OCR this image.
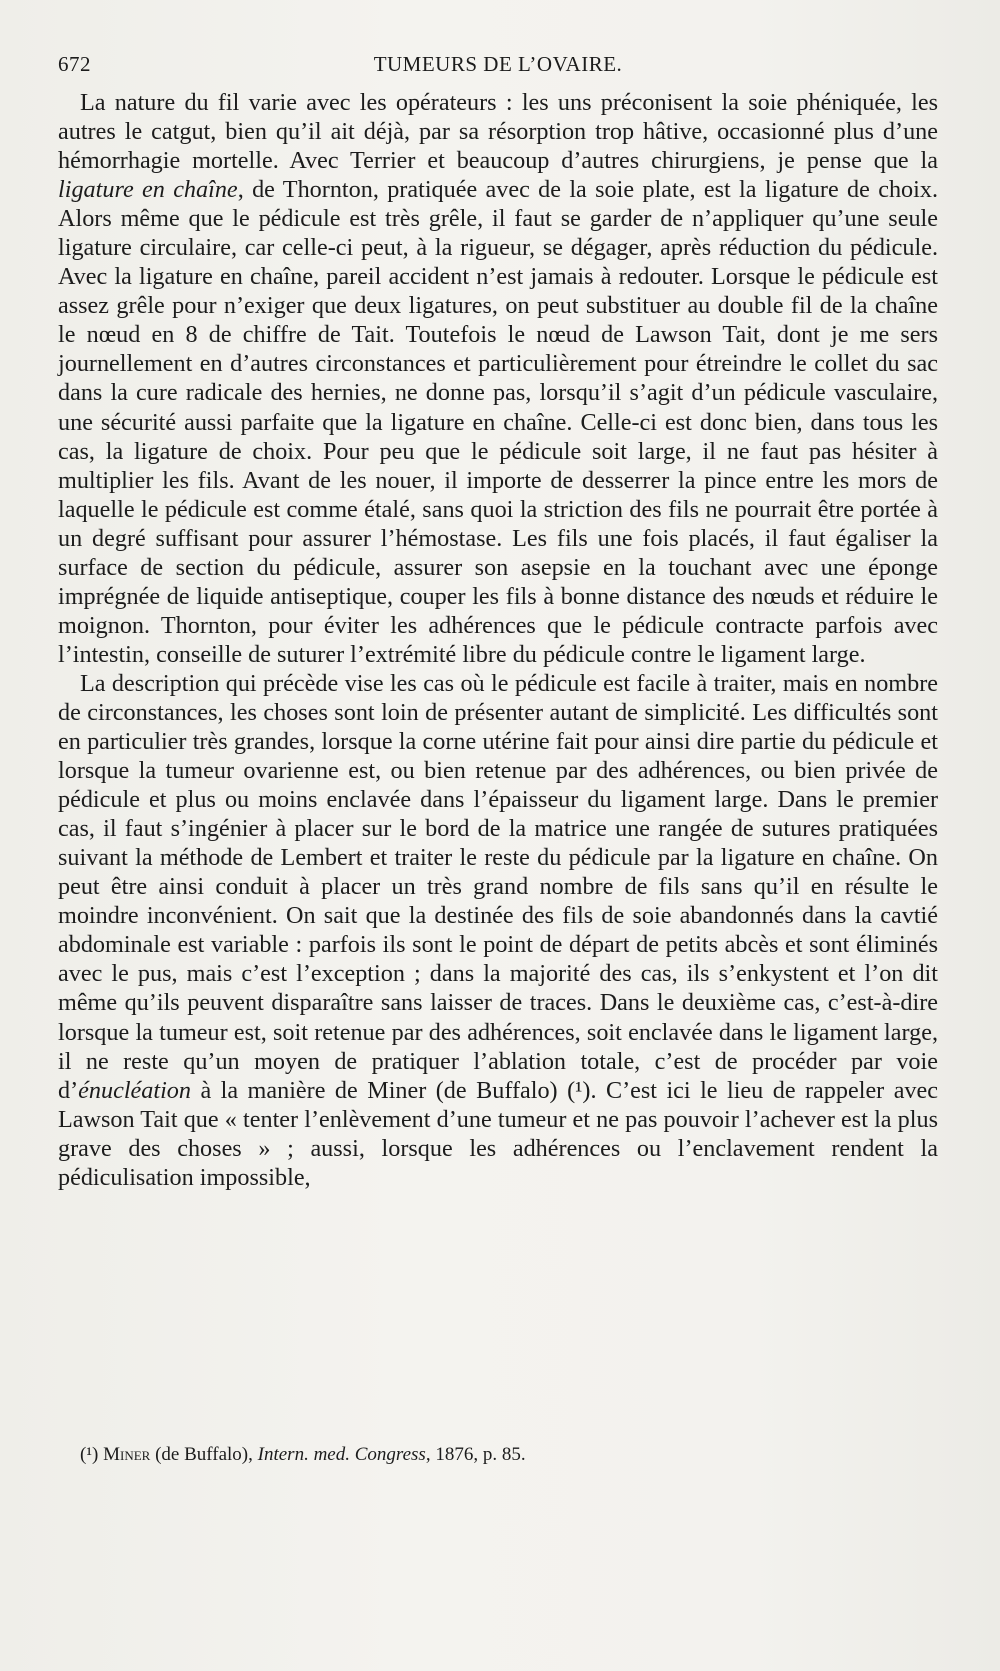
672	TUMEURS DE L’OVAIRE.

La nature du fil varie avec les opérateurs : les uns préconisent la soie phéniquée, les autres le catgut, bien qu’il ait déjà, par sa résorption trop hâtive, occasionné plus d’une hémorrhagie mortelle. Avec Terrier et beaucoup d’autres chirurgiens, je pense que la ligature en chaîne, de Thornton, pratiquée avec de la soie plate, est la ligature de choix. Alors même que le pédicule est très grêle, il faut se garder de n’appliquer qu’une seule ligature circulaire, car celle-ci peut, à la rigueur, se dégager, après réduction du pédicule. Avec la ligature en chaîne, pareil accident n’est jamais à redouter. Lorsque le pédicule est assez grêle pour n’exiger que deux ligatures, on peut substituer au double fil de la chaîne le nœud en 8 de chiffre de Tait. Toutefois le nœud de Lawson Tait, dont je me sers journellement en d’autres circonstances et particulièrement pour étreindre le collet du sac dans la cure radicale des hernies, ne donne pas, lorsqu’il s’agit d’un pédicule vasculaire, une sécurité aussi parfaite que la ligature en chaîne. Celle-ci est donc bien, dans tous les cas, la ligature de choix. Pour peu que le pédicule soit large, il ne faut pas hésiter à multiplier les fils. Avant de les nouer, il importe de desserrer la pince entre les mors de laquelle le pédicule est comme étalé, sans quoi la striction des fils ne pourrait être portée à un degré suffisant pour assurer l’hémostase. Les fils une fois placés, il faut égaliser la surface de section du pédicule, assurer son asepsie en la touchant avec une éponge imprégnée de liquide antiseptique, couper les fils à bonne distance des nœuds et réduire le moignon. Thornton, pour éviter les adhérences que le pédicule contracte parfois avec l’intestin, conseille de suturer l’extrémité libre du pédicule contre le ligament large.

La description qui précède vise les cas où le pédicule est facile à traiter, mais en nombre de circonstances, les choses sont loin de présenter autant de simplicité. Les difficultés sont en particulier très grandes, lorsque la corne utérine fait pour ainsi dire partie du pédicule et lorsque la tumeur ovarienne est, ou bien retenue par des adhérences, ou bien privée de pédicule et plus ou moins enclavée dans l’épaisseur du ligament large. Dans le premier cas, il faut s’ingénier à placer sur le bord de la matrice une rangée de sutures pratiquées suivant la méthode de Lembert et traiter le reste du pédicule par la ligature en chaîne. On peut être ainsi conduit à placer un très grand nombre de fils sans qu’il en résulte le moindre inconvénient. On sait que la destinée des fils de soie abandonnés dans la cavtié abdominale est variable : parfois ils sont le point de départ de petits abcès et sont éliminés avec le pus, mais c’est l’exception ; dans la majorité des cas, ils s’enkystent et l’on dit même qu’ils peuvent disparaître sans laisser de traces. Dans le deuxième cas, c’est-à-dire lorsque la tumeur est, soit retenue par des adhérences, soit enclavée dans le ligament large, il ne reste qu’un moyen de pratiquer l’ablation totale, c’est de procéder par voie d’énucléation à la manière de Miner (de Buffalo) (¹). C’est ici le lieu de rappeler avec Lawson Tait que « tenter l’enlèvement d’une tumeur et ne pas pouvoir l’achever est la plus grave des choses » ; aussi, lorsque les adhérences ou l’enclavement rendent la pédiculisation impossible,

(¹) Miner (de Buffalo), Intern. med. Congress, 1876, p. 85.
